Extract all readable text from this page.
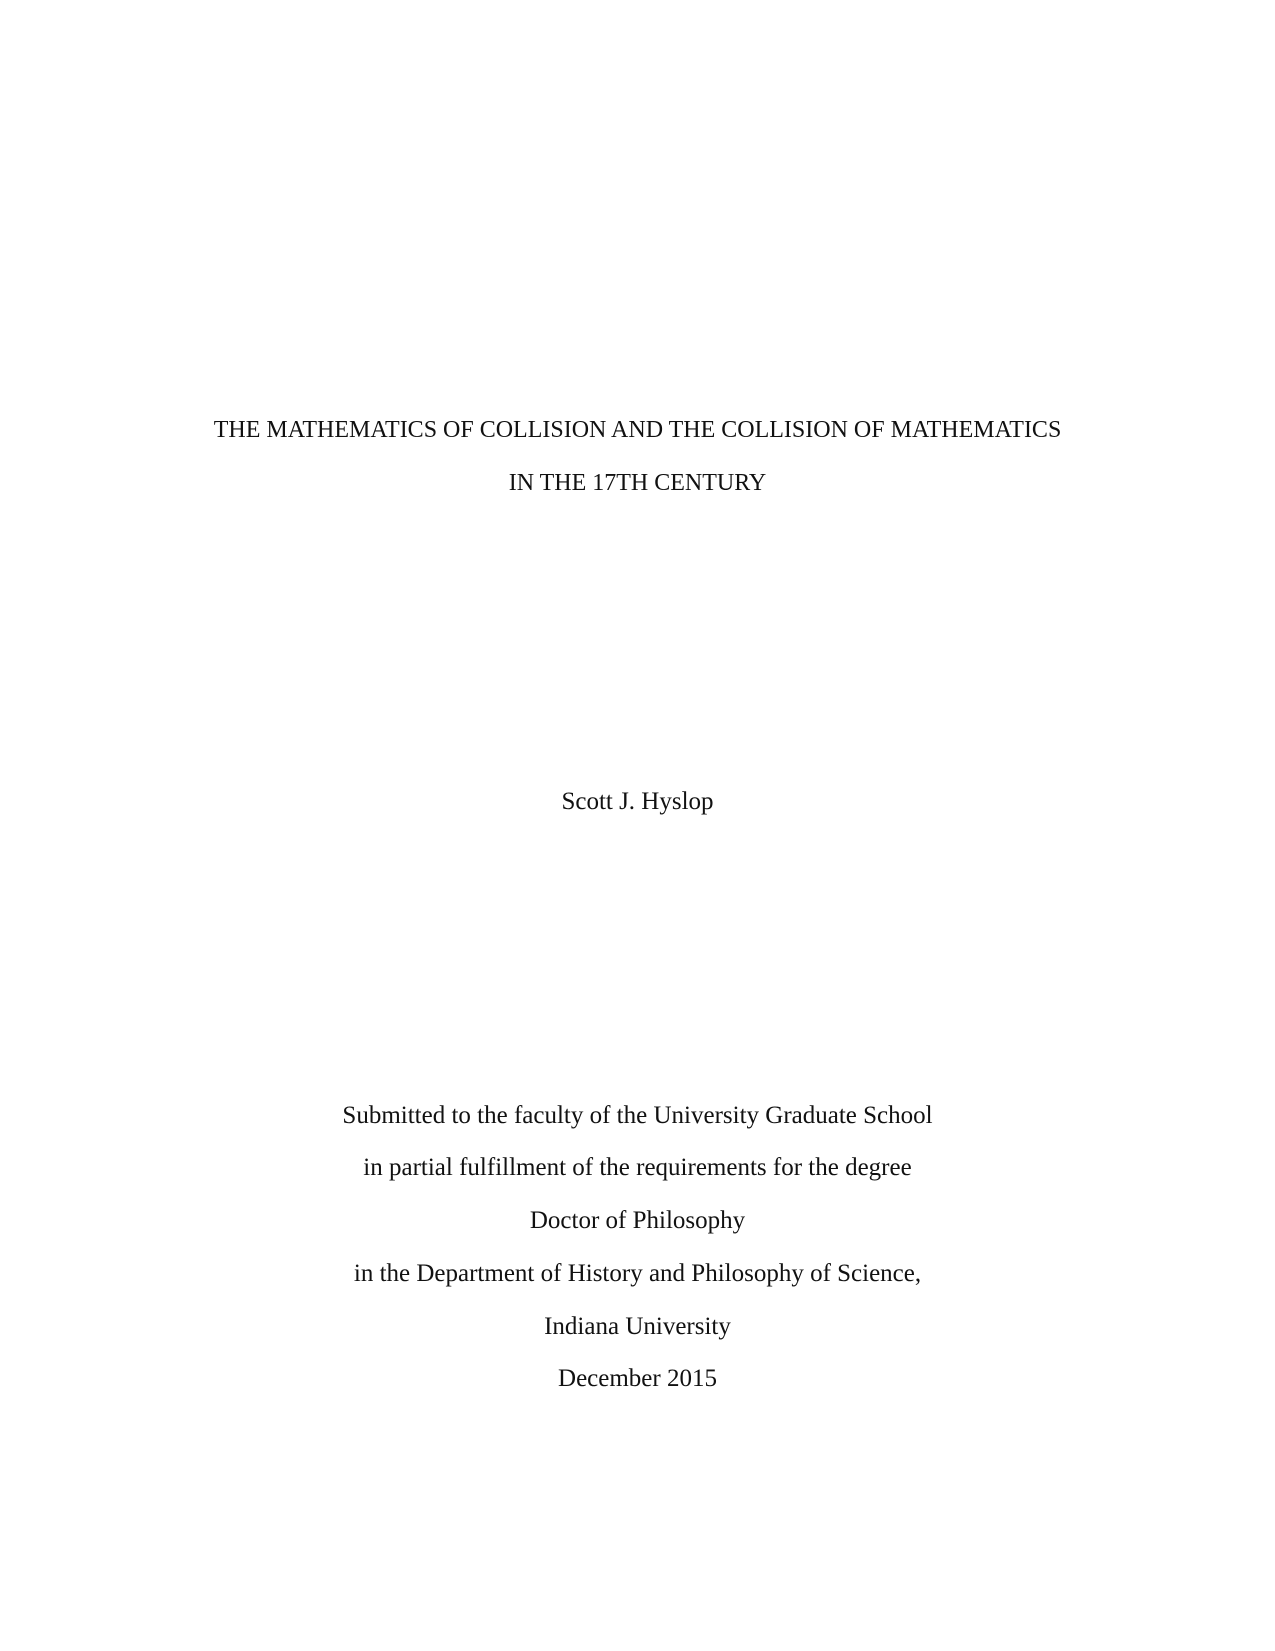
THE MATHEMATICS OF COLLISION AND THE COLLISION OF MATHEMATICS

IN THE 17TH CENTURY

Scott J. Hyslop

Submitted to the faculty of the University Graduate School

in partial fulfillment of the requirements for the degree

Doctor of Philosophy

in the Department of History and Philosophy of Science,

Indiana University

December 2015
